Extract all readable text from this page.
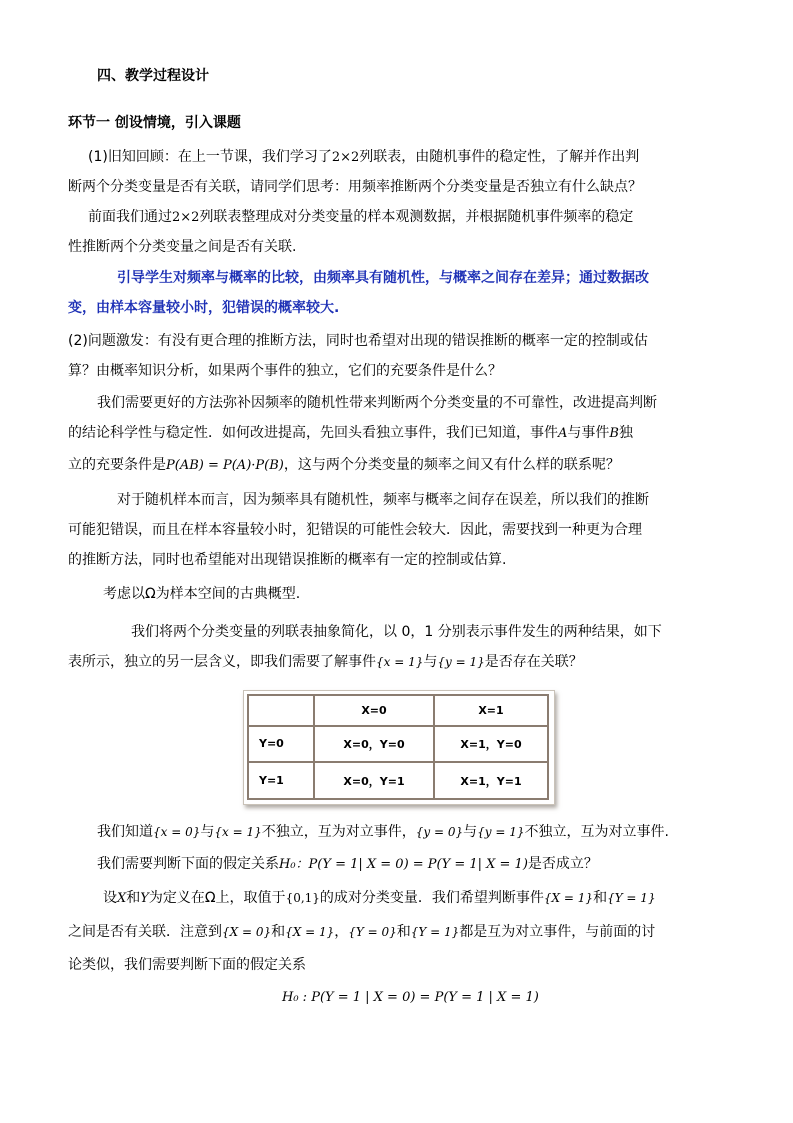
四、教学过程设计
环节一 创设情境，引入课题
(1)旧知回顾：在上一节课，我们学习了2×2列联表，由随机事件的稳定性，了解并作出判
断两个分类变量是否有关联，请同学们思考：用频率推断两个分类变量是否独立有什么缺点？
前面我们通过2×2列联表整理成对分类变量的样本观测数据，并根据随机事件频率的稳定
性推断两个分类变量之间是否有关联.
引导学生对频率与概率的比较，由频率具有随机性，与概率之间存在差异；通过数据改
变，由样本容量较小时，犯错误的概率较大.
(2)问题激发：有没有更合理的推断方法，同时也希望对出现的错误推断的概率一定的控制或估
算？由概率知识分析，如果两个事件的独立，它们的充要条件是什么？
我们需要更好的方法弥补因频率的随机性带来判断两个分类变量的不可靠性，改进提高判断
的结论科学性与稳定性．如何改进提高，先回头看独立事件，我们已知道，事件A与事件B独
立的充要条件是P(AB) = P(A)·P(B)，这与两个分类变量的频率之间又有什么样的联系呢？
对于随机样本而言，因为频率具有随机性，频率与概率之间存在误差，所以我们的推断
可能犯错误，而且在样本容量较小时，犯错误的可能性会较大．因此，需要找到一种更为合理
的推断方法，同时也希望能对出现错误推断的概率有一定的控制或估算.
考虑以Ω为样本空间的古典概型.
我们将两个分类变量的列联表抽象简化，以 0，1 分别表示事件发生的两种结果，如下
表所示，独立的另一层含义，即我们需要了解事件{x = 1}与{y = 1}是否存在关联？
	X=0	X=1
Y=0	X=0，Y=0	X=1，Y=0
Y=1	X=0，Y=1	X=1，Y=1
我们知道{x = 0}与{x = 1}不独立，互为对立事件，{y = 0}与{y = 1}不独立，互为对立事件.
我们需要判断下面的假定关系H₀：P(Y = 1| X = 0) = P(Y = 1| X = 1)是否成立？
设X和Y为定义在Ω上，取值于{0,1}的成对分类变量．我们希望判断事件{X = 1}和{Y = 1}
之间是否有关联．注意到{X = 0}和{X = 1}，{Y = 0}和{Y = 1}都是互为对立事件，与前面的讨
论类似，我们需要判断下面的假定关系
H₀ : P(Y = 1 | X = 0) = P(Y = 1 | X = 1)
